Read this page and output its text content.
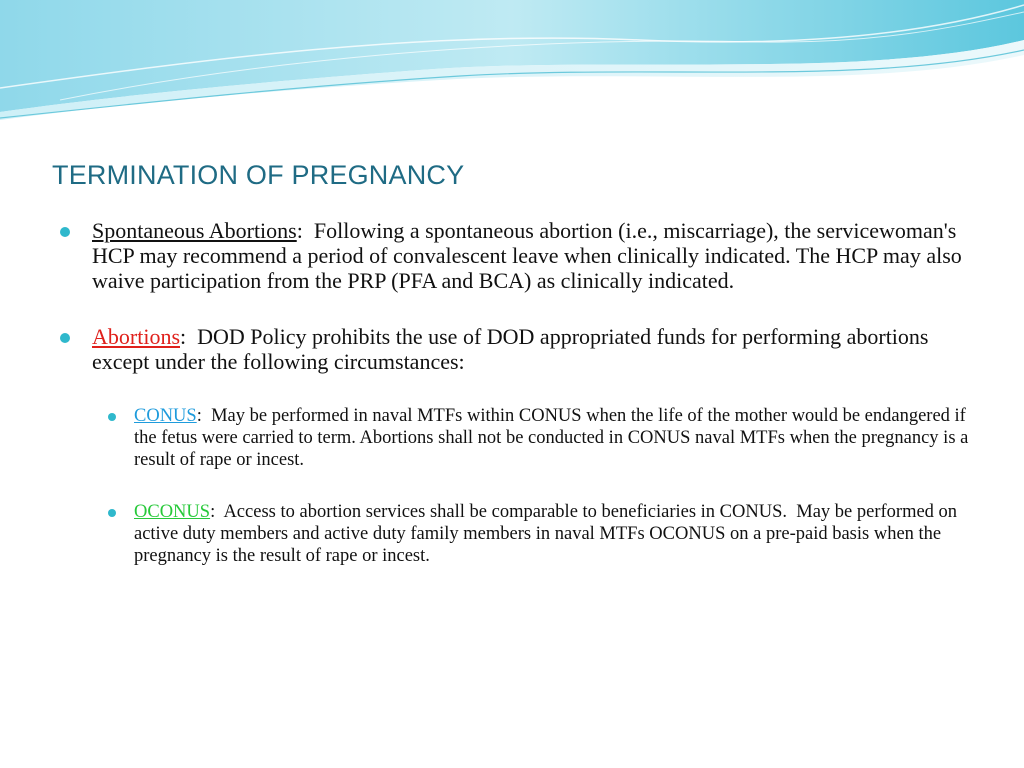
TERMINATION OF PREGNANCY

Spontaneous Abortions:  Following a spontaneous abortion (i.e., miscarriage), the servicewoman's HCP may recommend a period of convalescent leave when clinically indicated. The HCP may also waive participation from the PRP (PFA and BCA) as clinically indicated.

Abortions:  DOD Policy prohibits the use of DOD appropriated funds for performing abortions except under the following circumstances:

CONUS:  May be performed in naval MTFs within CONUS when the life of the mother would be endangered if the fetus were carried to term. Abortions shall not be conducted in CONUS naval MTFs when the pregnancy is a result of rape or incest.

OCONUS:  Access to abortion services shall be comparable to beneficiaries in CONUS.  May be performed on active duty members and active duty family members in naval MTFs OCONUS on a pre-paid basis when the pregnancy is the result of rape or incest.
